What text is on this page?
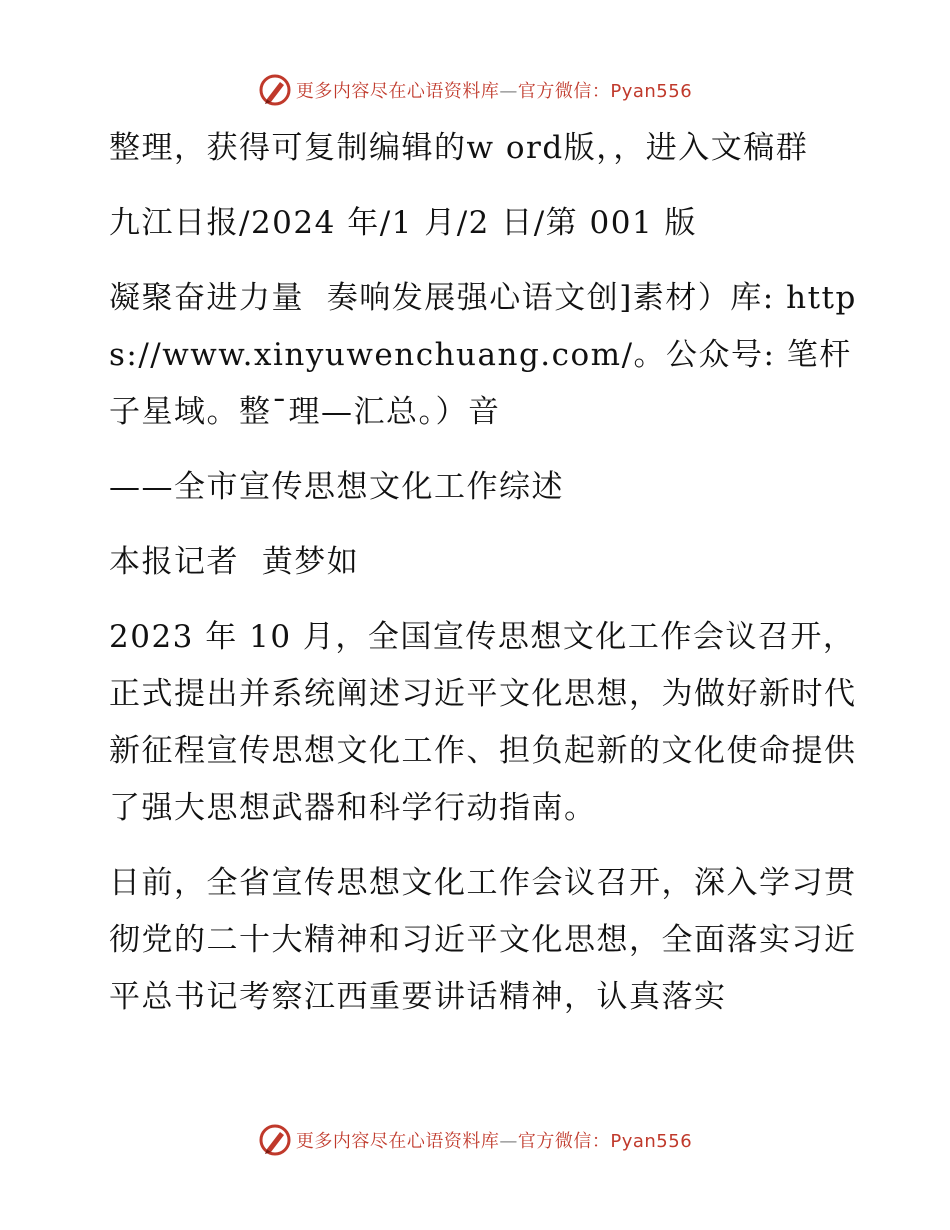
更多内容尽在心语资料库—官方微信：Pyan556

整理，获得可复制编辑的w ord版，，进入文稿群

九江日报/2024 年/1 月/2 日/第 001 版

凝聚奋进力量  奏响发展强心语文创]素材）库: https://www.xinyuwenchuang.com/。公众号: 笔杆子星域。整¯理—汇总。）音

——全市宣传思想文化工作综述

本报记者  黄梦如

2023 年 10 月，全国宣传思想文化工作会议召开，正式提出并系统阐述习近平文化思想，为做好新时代新征程宣传思想文化工作、担负起新的文化使命提供了强大思想武器和科学行动指南。

日前，全省宣传思想文化工作会议召开，深入学习贯彻党的二十大精神和习近平文化思想，全面落实习近平总书记考察江西重要讲话精神，认真落实

更多内容尽在心语资料库—官方微信：Pyan556
